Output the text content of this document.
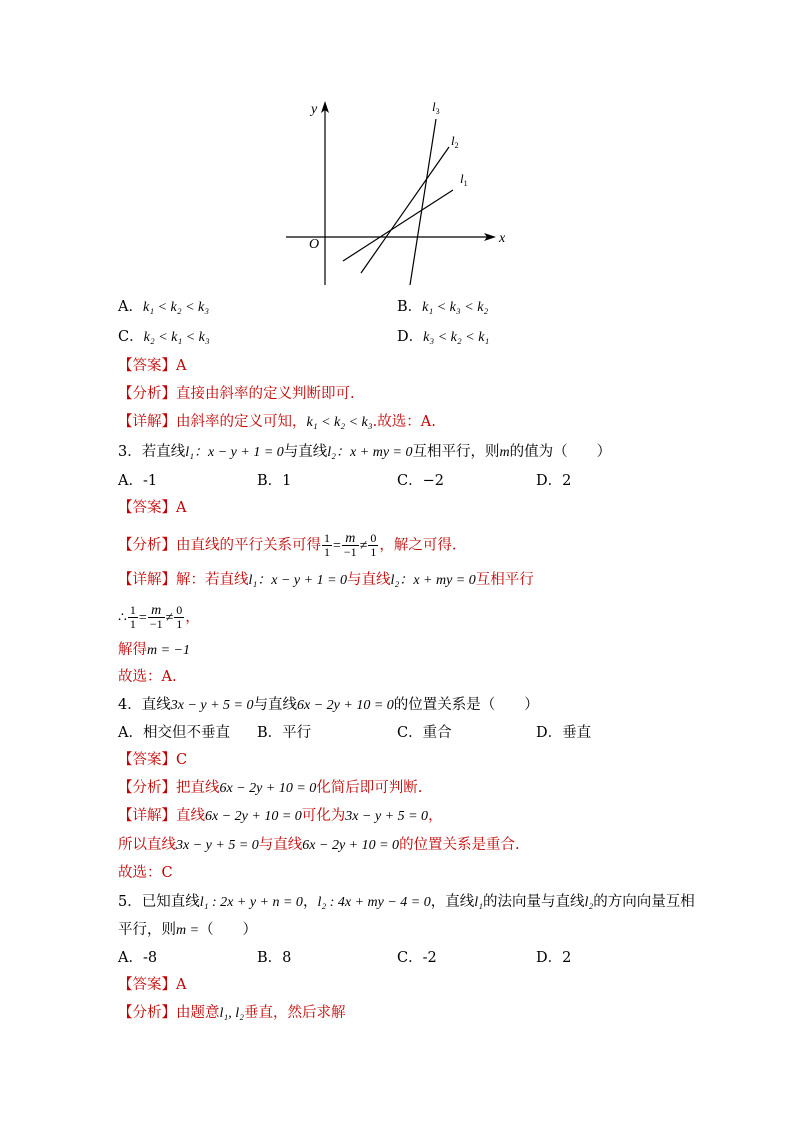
y
x
O
$l_3$
$l_2$
$l_1$
A．k₁ < k₂ < k₃	B．k₁ < k₃ < k₂
C．k₂ < k₁ < k₃	D．k₃ < k₂ < k₁
【答案】A
【分析】直接由斜率的定义判断即可.
【详解】由斜率的定义可知，k₁ < k₂ < k₃.故选：A.
3．若直线l₁：x − y + 1 = 0与直线l₂：x + my = 0互相平行，则m的值为（　　）
A．-1	B．1	C．−2	D．2
【答案】A
【分析】由直线的平行关系可得 $\frac{1}{1} = \frac{m}{-1} \ne \frac{0}{1}$ ，解之可得.
【详解】解：若直线l₁：x − y + 1 = 0与直线l₂：x + my = 0互相平行
∴ $\frac{1}{1} = \frac{m}{-1} \ne \frac{0}{1}$ ，
解得m = −1
故选：A.
4．直线3x − y + 5 = 0与直线6x − 2y + 10 = 0的位置关系是（　　）
A．相交但不垂直 B．平行	C．重合	D．垂直
【答案】C
【分析】把直线6x − 2y + 10 = 0化简后即可判断.
【详解】直线6x − 2y + 10 = 0可化为3x − y + 5 = 0，
所以直线3x − y + 5 = 0与直线6x − 2y + 10 = 0的位置关系是重合.
故选：C
5．已知直线l₁ : 2x + y + n = 0，l₂ : 4x + my − 4 = 0，直线l₁的法向量与直线l₂的方向向量互相
平行，则m =（　　）
A．-8	B．8	C．-2	D．2
【答案】A
【分析】由题意l₁, l₂垂直，然后求解
